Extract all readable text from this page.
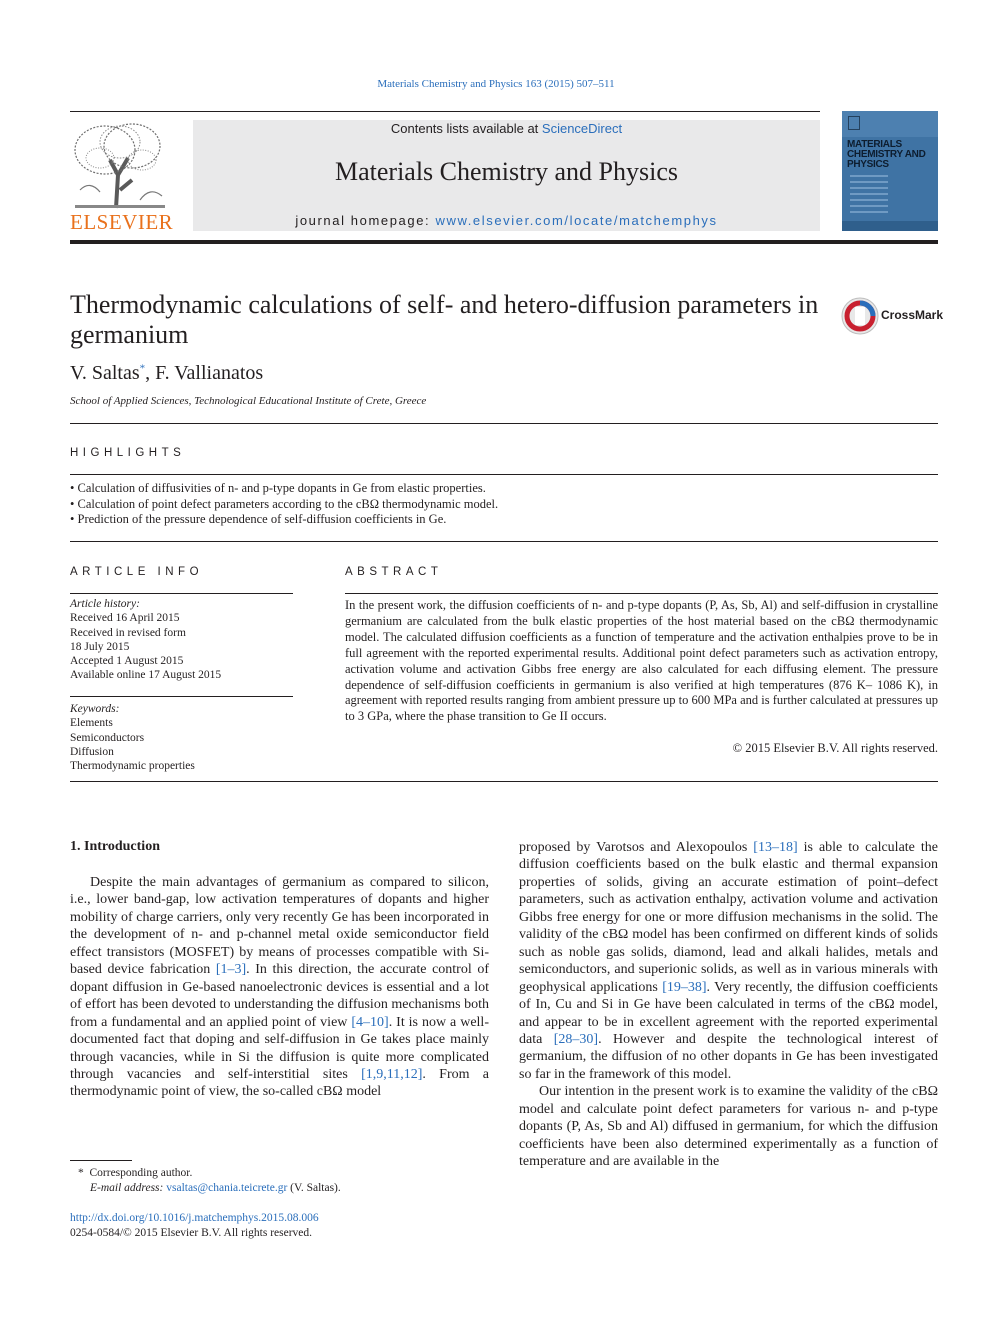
Materials Chemistry and Physics 163 (2015) 507–511
ELSEVIER
Contents lists available at ScienceDirect
Materials Chemistry and Physics
journal homepage: www.elsevier.com/locate/matchemphys
MATERIALS CHEMISTRY AND PHYSICS
Thermodynamic calculations of self- and hetero-diffusion parameters in germanium
CrossMark
V. Saltas*, F. Vallianatos
School of Applied Sciences, Technological Educational Institute of Crete, Greece
HIGHLIGHTS
• Calculation of diffusivities of n- and p-type dopants in Ge from elastic properties.
• Calculation of point defect parameters according to the cBΩ thermodynamic model.
• Prediction of the pressure dependence of self-diffusion coefficients in Ge.
ARTICLE INFO
Article history:
Received 16 April 2015
Received in revised form
18 July 2015
Accepted 1 August 2015
Available online 17 August 2015
Keywords:
Elements
Semiconductors
Diffusion
Thermodynamic properties
ABSTRACT
In the present work, the diffusion coefficients of n- and p-type dopants (P, As, Sb, Al) and self-diffusion in crystalline germanium are calculated from the bulk elastic properties of the host material based on the cBΩ thermodynamic model. The calculated diffusion coefficients as a function of temperature and the activation enthalpies prove to be in full agreement with the reported experimental results. Additional point defect parameters such as activation entropy, activation volume and activation Gibbs free energy are also calculated for each diffusing element. The pressure dependence of self-diffusion coefficients in germanium is also verified at high temperatures (876 K– 1086 K), in agreement with reported results ranging from ambient pressure up to 600 MPa and is further calculated at pressures up to 3 GPa, where the phase transition to Ge II occurs.
© 2015 Elsevier B.V. All rights reserved.
1. Introduction

Despite the main advantages of germanium as compared to silicon, i.e., lower band-gap, low activation temperatures of dopants and higher mobility of charge carriers, only very recently Ge has been incorporated in the development of n- and p-channel metal oxide semiconductor field effect transistors (MOSFET) by means of processes compatible with Si-based device fabrication [1–3]. In this direction, the accurate control of dopant diffusion in Ge-based nanoelectronic devices is essential and a lot of effort has been devoted to understanding the diffusion mechanisms both from a fundamental and an applied point of view [4–10]. It is now a well-documented fact that doping and self-diffusion in Ge takes place mainly through vacancies, while in Si the diffusion is quite more complicated through vacancies and self-interstitial sites [1,9,11,12]. From a thermodynamic point of view, the so-called cBΩ model

proposed by Varotsos and Alexopoulos [13–18] is able to calculate the diffusion coefficients based on the bulk elastic and thermal expansion properties of solids, giving an accurate estimation of point–defect parameters, such as activation enthalpy, activation volume and activation Gibbs free energy for one or more diffusion mechanisms in the solid. The validity of the cBΩ model has been confirmed on different kinds of solids such as noble gas solids, diamond, lead and alkali halides, metals and semiconductors, and superionic solids, as well as in various minerals with geophysical applications [19–38]. Very recently, the diffusion coefficients of In, Cu and Si in Ge have been calculated in terms of the cBΩ model, and appear to be in excellent agreement with the reported experimental data [28–30]. However and despite the technological interest of germanium, the diffusion of no other dopants in Ge has been investigated so far in the framework of this model.

Our intention in the present work is to examine the validity of the cBΩ model and calculate point defect parameters for various n- and p-type dopants (P, As, Sb and Al) diffused in germanium, for which the diffusion coefficients have been also determined experimentally as a function of temperature and are available in the

* Corresponding author.
E-mail address: vsaltas@chania.teicrete.gr (V. Saltas).
http://dx.doi.org/10.1016/j.matchemphys.2015.08.006
0254-0584/© 2015 Elsevier B.V. All rights reserved.
